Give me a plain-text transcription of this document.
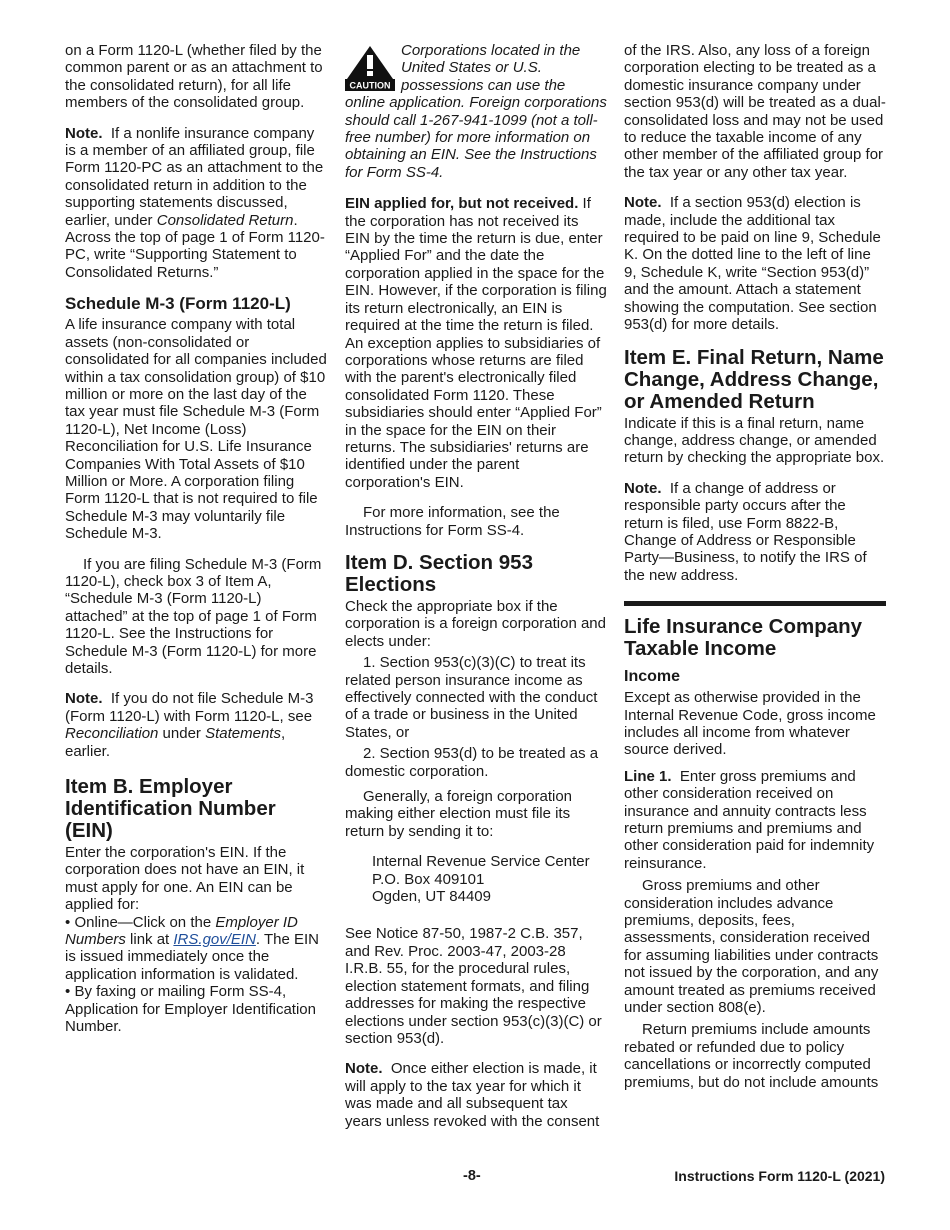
on a Form 1120-L (whether filed by the common parent or as an attachment to the consolidated return), for all life members of the consolidated group.

Note. If a nonlife insurance company is a member of an affiliated group, file Form 1120-PC as an attachment to the consolidated return in addition to the supporting statements discussed, earlier, under Consolidated Return. Across the top of page 1 of Form 1120-PC, write “Supporting Statement to Consolidated Returns.”

Schedule M-3 (Form 1120-L)

A life insurance company with total assets (non-consolidated or consolidated for all companies included within a tax consolidation group) of $10 million or more on the last day of the tax year must file Schedule M-3 (Form 1120-L), Net Income (Loss) Reconciliation for U.S. Life Insurance Companies With Total Assets of $10 Million or More. A corporation filing Form 1120-L that is not required to file Schedule M-3 may voluntarily file Schedule M-3.

If you are filing Schedule M-3 (Form 1120-L), check box 3 of Item A, “Schedule M-3 (Form 1120-L) attached” at the top of page 1 of Form 1120-L. See the Instructions for Schedule M-3 (Form 1120-L) for more details.

Note. If you do not file Schedule M-3 (Form 1120-L) with Form 1120-L, see Reconciliation under Statements, earlier.

Item B. Employer Identification Number (EIN)

Enter the corporation's EIN. If the corporation does not have an EIN, it must apply for one. An EIN can be applied for:

• Online—Click on the Employer ID Numbers link at IRS.gov/EIN. The EIN is issued immediately once the application information is validated.
• By faxing or mailing Form SS-4, Application for Employer Identification Number.
CAUTION
Corporations located in the United States or U.S. possessions can use the online application. Foreign corporations should call 1-267-941-1099 (not a toll-free number) for more information on obtaining an EIN. See the Instructions for Form SS-4.

EIN applied for, but not received. If the corporation has not received its EIN by the time the return is due, enter “Applied For” and the date the corporation applied in the space for the EIN. However, if the corporation is filing its return electronically, an EIN is required at the time the return is filed. An exception applies to subsidiaries of corporations whose returns are filed with the parent's electronically filed consolidated Form 1120. These subsidiaries should enter “Applied For” in the space for the EIN on their returns. The subsidiaries' returns are identified under the parent corporation's EIN.

For more information, see the Instructions for Form SS-4.

Item D. Section 953 Elections

Check the appropriate box if the corporation is a foreign corporation and elects under:

1. Section 953(c)(3)(C) to treat its related person insurance income as effectively connected with the conduct of a trade or business in the United States, or

2. Section 953(d) to be treated as a domestic corporation.

Generally, a foreign corporation making either election must file its return by sending it to:

Internal Revenue Service Center
P.O. Box 409101
Ogden, UT 84409

See Notice 87-50, 1987-2 C.B. 357, and Rev. Proc. 2003-47, 2003-28 I.R.B. 55, for the procedural rules, election statement formats, and filing addresses for making the respective elections under section 953(c)(3)(C) or section 953(d).

Note. Once either election is made, it will apply to the tax year for which it was made and all subsequent tax years unless revoked with the consent

of the IRS. Also, any loss of a foreign corporation electing to be treated as a domestic insurance company under section 953(d) will be treated as a dual-consolidated loss and may not be used to reduce the taxable income of any other member of the affiliated group for the tax year or any other tax year.

Note. If a section 953(d) election is made, include the additional tax required to be paid on line 9, Schedule K. On the dotted line to the left of line 9, Schedule K, write “Section 953(d)” and the amount. Attach a statement showing the computation. See section 953(d) for more details.

Item E. Final Return, Name Change, Address Change, or Amended Return

Indicate if this is a final return, name change, address change, or amended return by checking the appropriate box.

Note. If a change of address or responsible party occurs after the return is filed, use Form 8822-B, Change of Address or Responsible Party—Business, to notify the IRS of the new address.

Life Insurance Company Taxable Income
Income

Except as otherwise provided in the Internal Revenue Code, gross income includes all income from whatever source derived.

Line 1. Enter gross premiums and other consideration received on insurance and annuity contracts less return premiums and premiums and other consideration paid for indemnity reinsurance.

Gross premiums and other consideration includes advance premiums, deposits, fees, assessments, consideration received for assuming liabilities under contracts not issued by the corporation, and any amount treated as premiums received under section 808(e).

Return premiums include amounts rebated or refunded due to policy cancellations or incorrectly computed premiums, but do not include amounts

-8-	Instructions Form 1120-L (2021)
